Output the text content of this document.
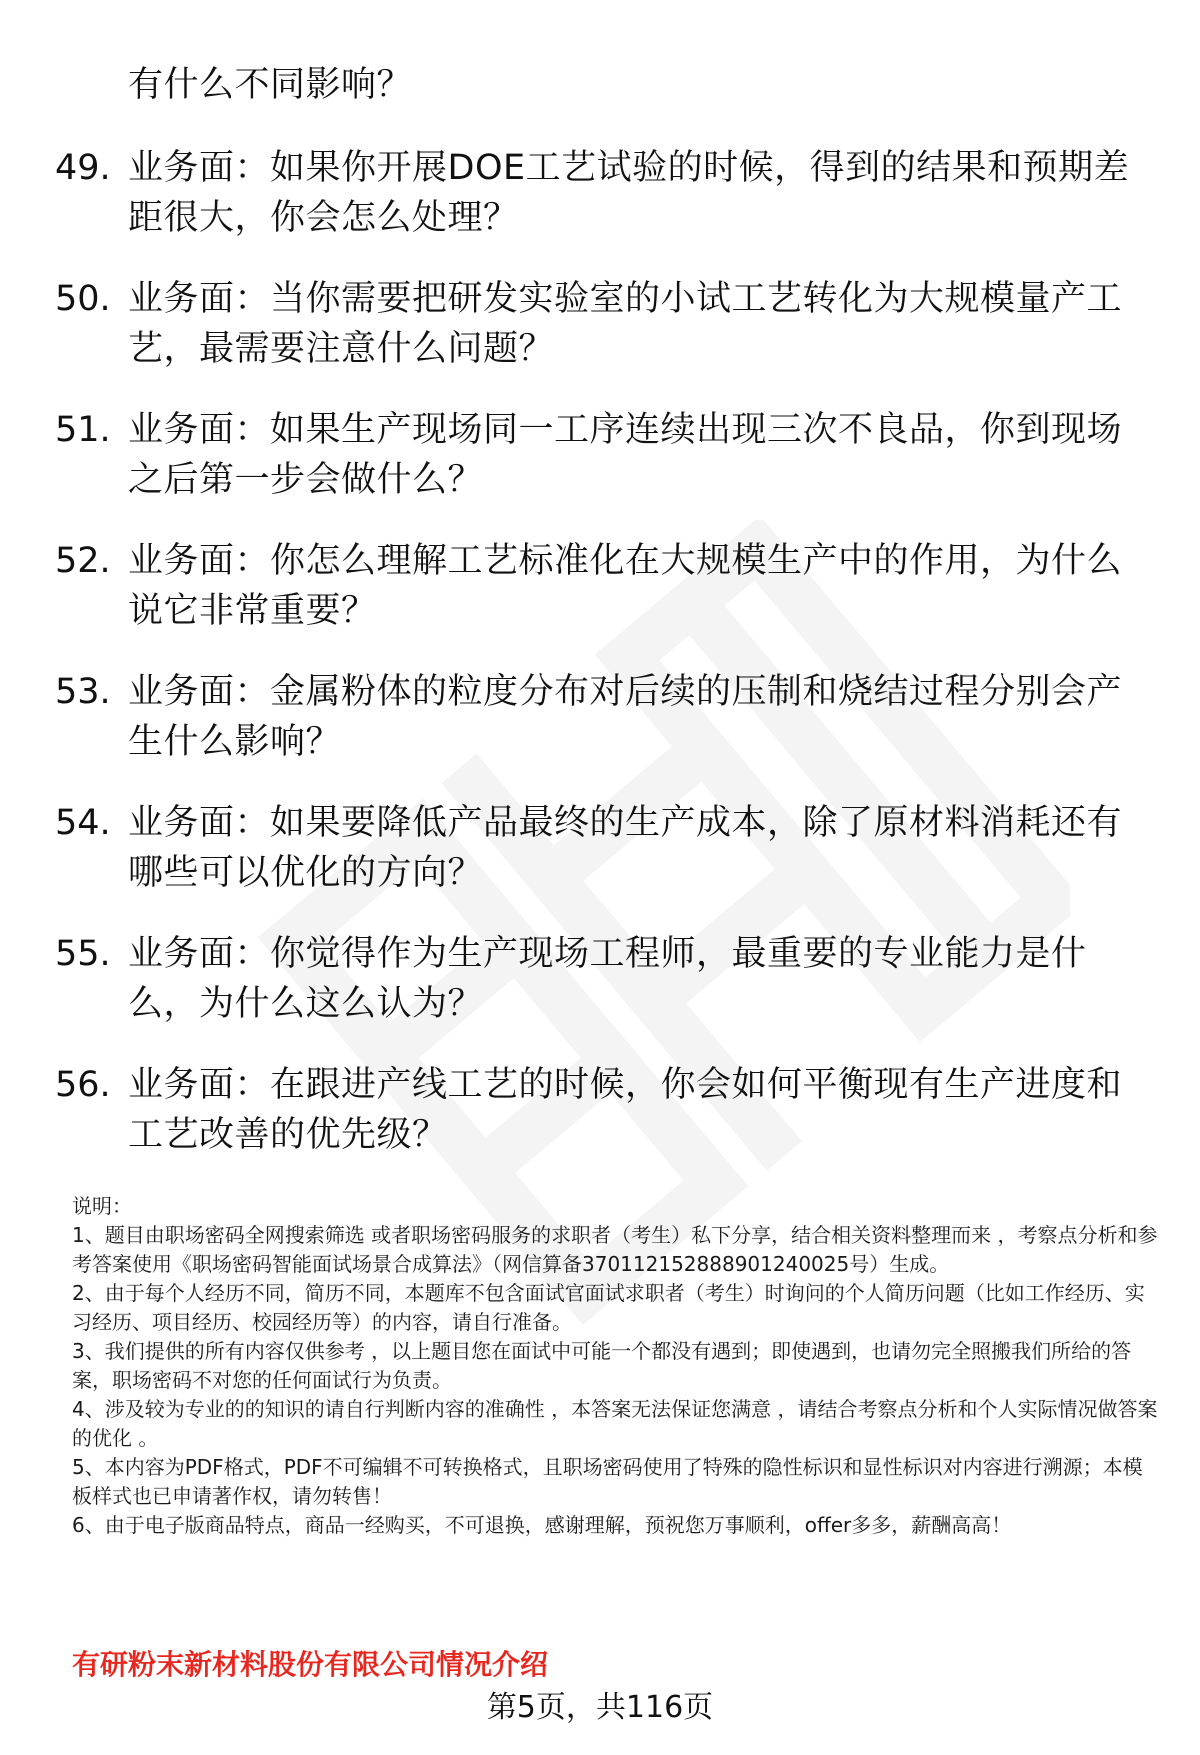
有什么不同影响？
49. 业务面：如果你开展DOE工艺试验的时候，得到的结果和预期差距很大，你会怎么处理？
50. 业务面：当你需要把研发实验室的小试工艺转化为大规模量产工艺，最需要注意什么问题？
51. 业务面：如果生产现场同一工序连续出现三次不良品，你到现场之后第一步会做什么？
52. 业务面：你怎么理解工艺标准化在大规模生产中的作用，为什么说它非常重要？
53. 业务面：金属粉体的粒度分布对后续的压制和烧结过程分别会产生什么影响？
54. 业务面：如果要降低产品最终的生产成本，除了原材料消耗还有哪些可以优化的方向？
55. 业务面：你觉得作为生产现场工程师，最重要的专业能力是什么，为什么这么认为？
56. 业务面：在跟进产线工艺的时候，你会如何平衡现有生产进度和工艺改善的优先级？

说明：

1、题目由职场密码全网搜索筛选 或者职场密码服务的求职者（考生）私下分享，结合相关资料整理而来 ，考察点分析和参考答案使用《职场密码智能面试场景合成算法》（网信算备370112152888901240025号）生成。

2、由于每个人经历不同，简历不同，本题库不包含面试官面试求职者（考生）时询问的个人简历问题（比如工作经历、实习经历、项目经历、校园经历等）的内容，请自行准备。

3、我们提供的所有内容仅供参考 ，以上题目您在面试中可能一个都没有遇到；即使遇到，也请勿完全照搬我们所给的答案，职场密码不对您的任何面试行为负责。

4、涉及较为专业的的知识的请自行判断内容的准确性 ，本答案无法保证您满意 ，请结合考察点分析和个人实际情况做答案的优化 。

5、本内容为PDF格式，PDF不可编辑不可转换格式，且职场密码使用了特殊的隐性标识和显性标识对内容进行溯源；本模板样式也已申请著作权，请勿转售！

6、由于电子版商品特点，商品一经购买，不可退换，感谢理解，预祝您万事顺利，offer多多，薪酬高高！

有研粉末新材料股份有限公司情况介绍
第5页，共116页
